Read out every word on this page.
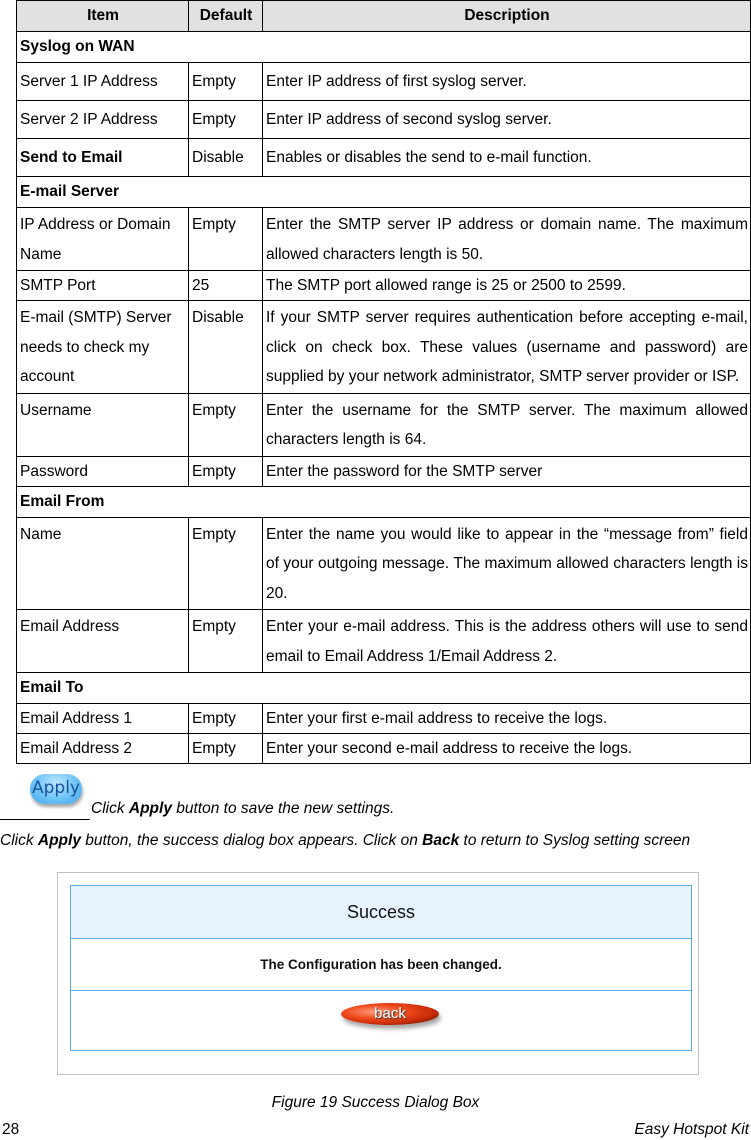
Item	Default	Description
Syslog on WAN		
Server 1 IP Address	Empty	Enter IP address of first syslog server.
Server 2 IP Address	Empty	Enter IP address of second syslog server.
Send to Email	Disable	Enables or disables the send to e-mail function.
E-mail Server		
IP Address or Domain Name	Empty	Enter the SMTP server IP address or domain name. The maximum allowed characters length is 50.
SMTP Port	25	The SMTP port allowed range is 25 or 2500 to 2599.
E-mail (SMTP) Server needs to check my account	Disable	If your SMTP server requires authentication before accepting e-mail, click on check box. These values (username and password) are supplied by your network administrator, SMTP server provider or ISP.
Username	Empty	Enter the username for the SMTP server. The maximum allowed characters length is 64.
Password	Empty	Enter the password for the SMTP server
Email From		
Name	Empty	Enter the name you would like to appear in the “message from” field of your outgoing message. The maximum allowed characters length is 20.
Email Address	Empty	Enter your e-mail address. This is the address others will use to send email to Email Address 1/Email Address 2.
Email To		
Email Address 1	Empty	Enter your first e-mail address to receive the logs.
Email Address 2	Empty	Enter your second e-mail address to receive the logs.
Apply
Click Apply button to save the new settings.
Click Apply button, the success dialog box appears. Click on Back to return to Syslog setting screen
Success
The Configuration has been changed.
back
Figure 19 Success Dialog Box
28	Easy Hotspot Kit
